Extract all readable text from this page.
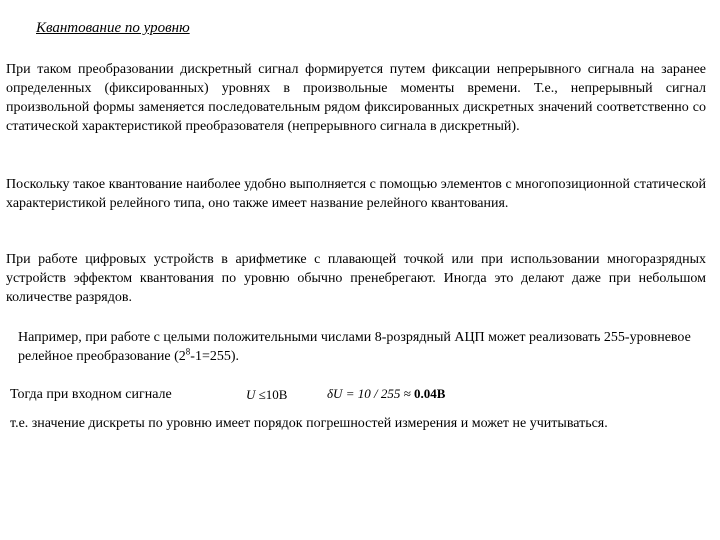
Квантование по уровню
При таком преобразовании дискретный сигнал формируется путем фиксации непрерывного сигнала на заранее определенных (фиксированных) уровнях в произвольные моменты времени. Т.е., непрерывный сигнал произвольной формы заменяется последовательным рядом фиксированных дискретных значений соответственно со статической характеристикой преобразователя (непрерывного сигнала в дискретный).
Поскольку такое квантование наиболее удобно выполняется с помощью элементов с многопозиционной статической характеристикой релейного типа, оно также имеет название релейного квантования.
При работе цифровых устройств в арифметике с плавающей точкой или при использовании многоразрядных устройств эффектом квантования по уровню обычно пренебрегают. Иногда это делают даже при небольшом количестве разрядов.
Например, при работе с целыми положительными числами 8-розрядный АЦП может реализовать 255-уровневое релейное преобразование $(2^8-1=255)$.
Тогда при входном сигнале	U ≤10В	δU = 10 / 255 ≈ 0.04В
т.е. значение дискреты по уровню имеет порядок погрешностей измерения и может не учитываться.
